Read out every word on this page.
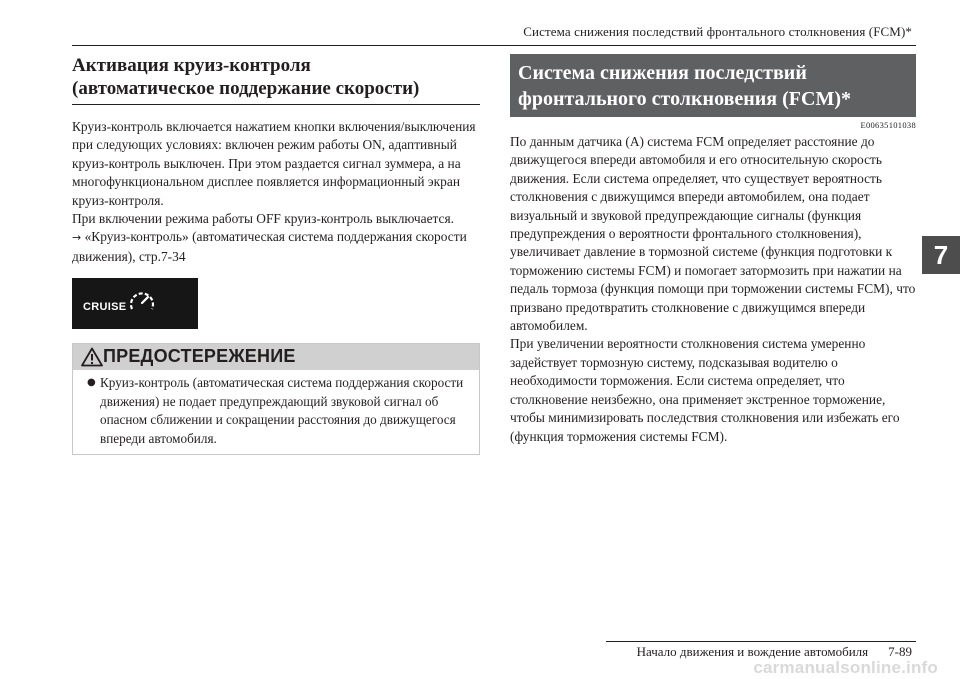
Система снижения последствий фронтального столкновения (FCM)*
Активация круиз-контроля
(автоматическое поддержание скорости)

Круиз-контроль включается нажатием кнопки включения/выключения при следующих условиях: включен режим работы ON, адаптивный круиз-контроль выключен. При этом раздается сигнал зуммера, а на многофункциональном дисплее появляется информационный экран круиз-контроля.

При включении режима работы OFF круиз-контроль выключается.

→ «Круиз-контроль» (автоматическая система поддержания скорости движения), стр.7-34

CRUISE
ПРЕДОСТЕРЕЖЕНИЕ
● Круиз-контроль (автоматическая система поддержания скорости движения) не подает предупреждающий звуковой сигнал об опасном сближении и сокращении расстояния до движущегося впереди автомобиля.
Система снижения последствий
фронтального столкновения (FCM)*
E00635101038

По данным датчика (A) система FCM определяет расстояние до движущегося впереди автомобиля и его относительную скорость движения. Если система определяет, что существует вероятность столкновения с движущимся впереди автомобилем, она подает визуальный и звуковой предупреждающие сигналы (функция предупреждения о вероятности фронтального столкновения), увеличивает давление в тормозной системе (функция подготовки к торможению системы FCM) и помогает затормозить при нажатии на педаль тормоза (функция помощи при торможении системы FCM), что призвано предотвратить столкновение с движущимся впереди автомобилем.

При увеличении вероятности столкновения система умеренно задействует тормозную систему, подсказывая водителю о необходимости торможения. Если система определяет, что столкновение неизбежно, она применяет экстренное торможение, чтобы минимизировать последствия столкновения или избежать его (функция торможения системы FCM).

7
Начало движения и вождение автомобиля 7-89
carmanualsonline.info
